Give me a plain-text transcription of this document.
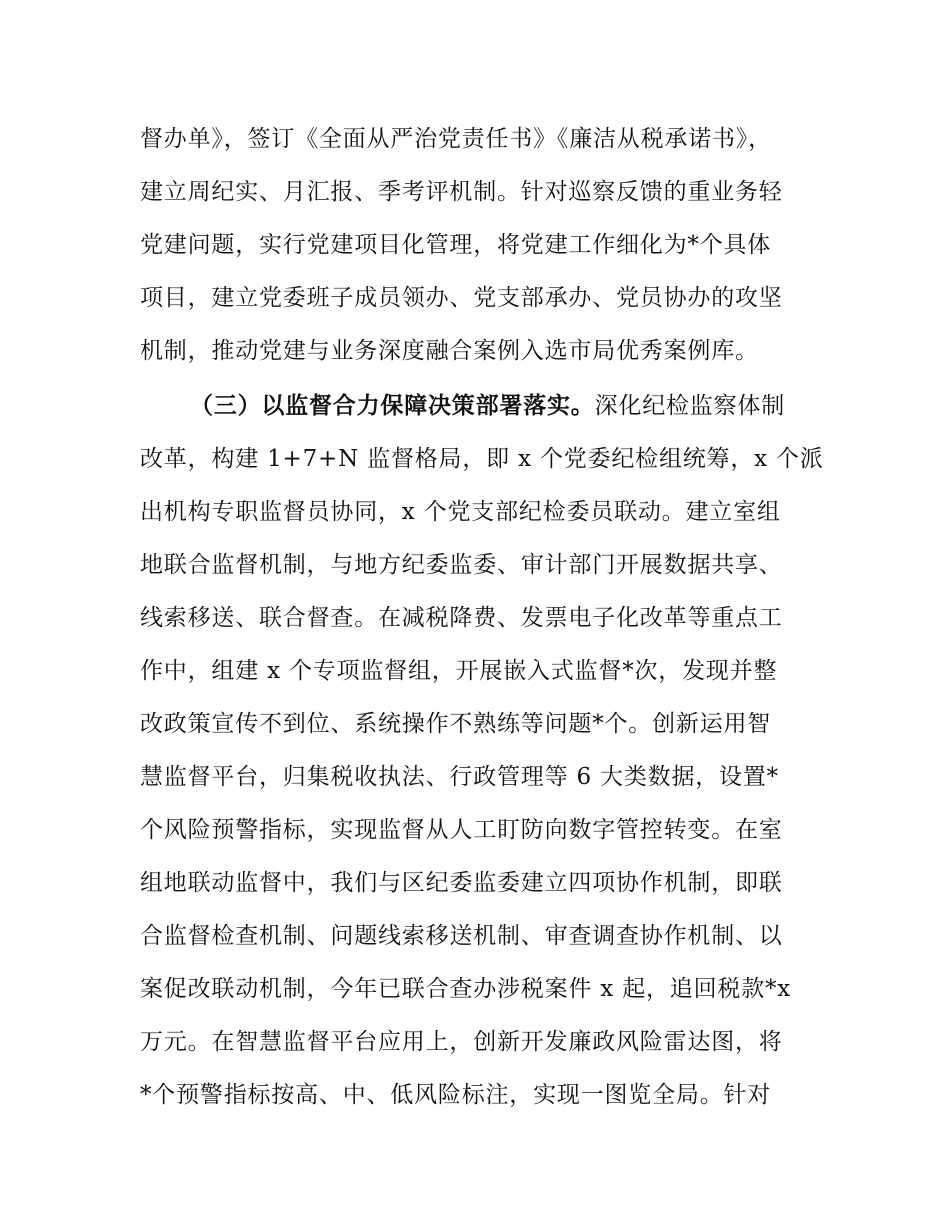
督办单》，签订《全面从严治党责任书》《廉洁从税承诺书》，
建立周纪实、月汇报、季考评机制。针对巡察反馈的重业务轻
党建问题，实行党建项目化管理，将党建工作细化为*个具体
项目，建立党委班子成员领办、党支部承办、党员协办的攻坚
机制，推动党建与业务深度融合案例入选市局优秀案例库。
（三）以监督合力保障决策部署落实。深化纪检监察体制
改革，构建 1+7+N 监督格局，即 x 个党委纪检组统筹，x 个派
出机构专职监督员协同，x 个党支部纪检委员联动。建立室组
地联合监督机制，与地方纪委监委、审计部门开展数据共享、
线索移送、联合督查。在减税降费、发票电子化改革等重点工
作中，组建 x 个专项监督组，开展嵌入式监督*次，发现并整
改政策宣传不到位、系统操作不熟练等问题*个。创新运用智
慧监督平台，归集税收执法、行政管理等 6 大类数据，设置*
个风险预警指标，实现监督从人工盯防向数字管控转变。在室
组地联动监督中，我们与区纪委监委建立四项协作机制，即联
合监督检查机制、问题线索移送机制、审查调查协作机制、以
案促改联动机制，今年已联合查办涉税案件 x 起，追回税款*x
万元。在智慧监督平台应用上，创新开发廉政风险雷达图，将
*个预警指标按高、中、低风险标注，实现一图览全局。针对
